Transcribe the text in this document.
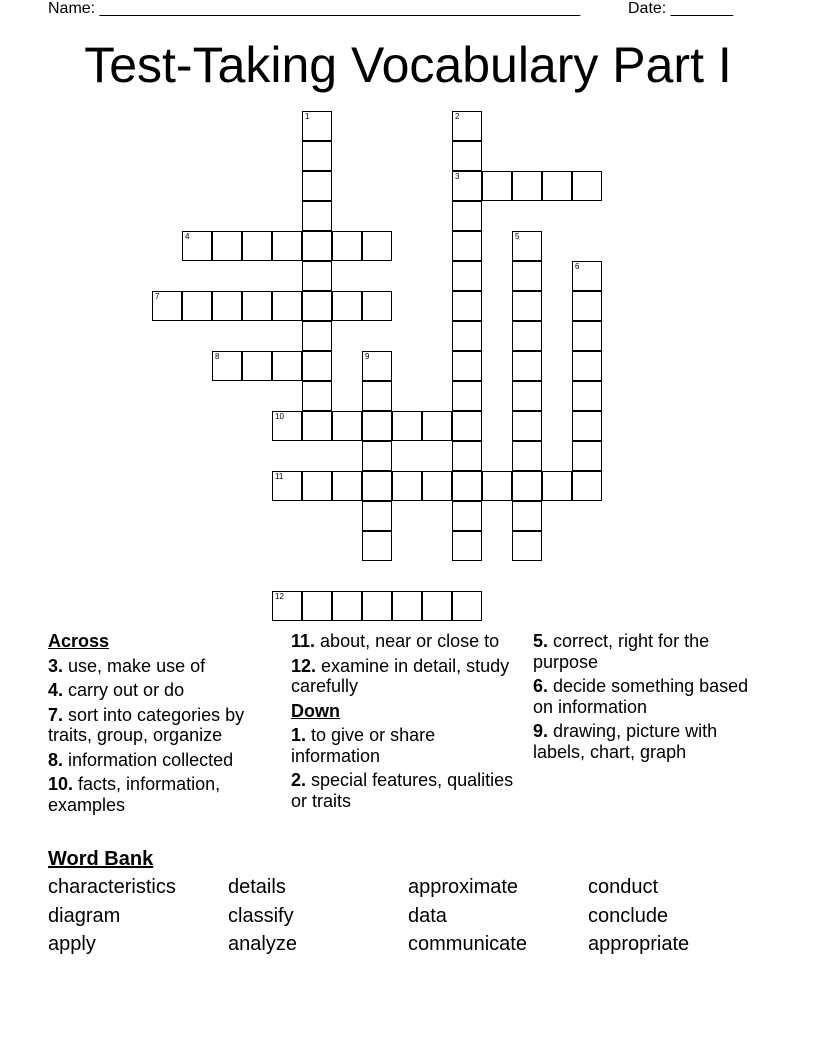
Name: ______________________________________________________	Date: _______
Test-Taking Vocabulary Part I
3
4
7
8
10
11
12
1	2
5
6
9
Across
3. use, make use of
4. carry out or do
7. sort into categories by traits, group, organize
8. information collected
10. facts, information, examples
11. about, near or close to
12. examine in detail, study carefully
Down
1. to give or share information
2. special features, qualities or traits
5. correct, right for the purpose
6. decide something based on information
9. drawing, picture with labels, chart, graph
Word Bank
characteristics	details	approximate	conduct
diagram	classify	data	conclude
apply	analyze	communicate	appropriate
